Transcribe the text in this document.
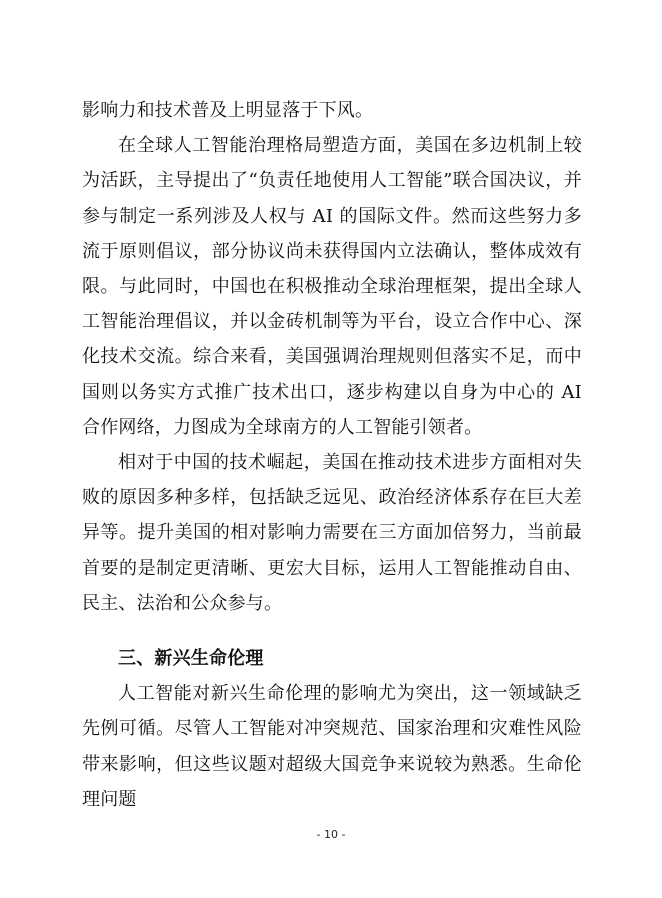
影响力和技术普及上明显落于下风。

在全球人工智能治理格局塑造方面，美国在多边机制上较为活跃，主导提出了“负责任地使用人工智能”联合国决议，并参与制定一系列涉及人权与 AI 的国际文件。然而这些努力多流于原则倡议，部分协议尚未获得国内立法确认，整体成效有限。与此同时，中国也在积极推动全球治理框架，提出全球人工智能治理倡议，并以金砖机制等为平台，设立合作中心、深化技术交流。综合来看，美国强调治理规则但落实不足，而中国则以务实方式推广技术出口，逐步构建以自身为中心的 AI 合作网络，力图成为全球南方的人工智能引领者。

相对于中国的技术崛起，美国在推动技术进步方面相对失败的原因多种多样，包括缺乏远见、政治经济体系存在巨大差异等。提升美国的相对影响力需要在三方面加倍努力，当前最首要的是制定更清晰、更宏大目标，运用人工智能推动自由、民主、法治和公众参与。

三、新兴生命伦理

人工智能对新兴生命伦理的影响尤为突出，这一领域缺乏先例可循。尽管人工智能对冲突规范、国家治理和灾难性风险带来影响，但这些议题对超级大国竞争来说较为熟悉。生命伦理问题

- 10 -
